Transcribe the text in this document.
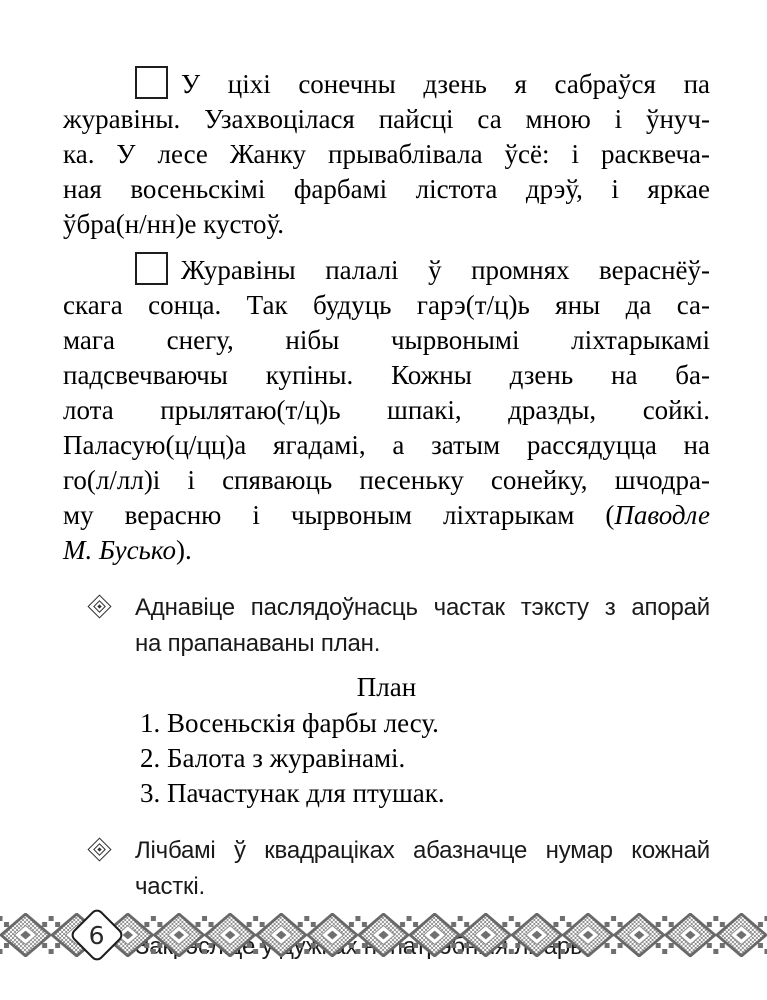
У ціхі сонечны дзень я сабраўся па
журавіны. Узахвоцілася пайсці са мною і ўнуч-
ка. У лесе Жанку прываблівала ўсё: і расквеча-
ная восеньскімі фарбамі лістота дрэў, і яркае
ўбра(н/нн)е кустоў.
Журавіны палалі ў промнях вераснёў-
скага сонца. Так будуць гарэ(т/ц)ь яны да са-
мага снегу, нібы чырвонымі ліхтарыкамі
падсвечваючы купіны. Кожны дзень на ба-
лота прылятаю(т/ц)ь шпакі, дразды, сойкі.
Паласую(ц/цц)а ягадамі, а затым рассядуцца на
го(л/лл)і і спяваюць песеньку сонейку, шчодра-
му верасню і чырвоным ліхтарыкам (Паводле
М. Бусько).
Аднавіце паслядоўнасць частак тэксту з апорай
на прапанаваны план.
План
1. Восеньскія фарбы лесу.
2. Балота з журавінамі.
3. Пачастунак для птушак.
Лічбамі ў квадраціках абазначце нумар кожнай
часткі.
6
